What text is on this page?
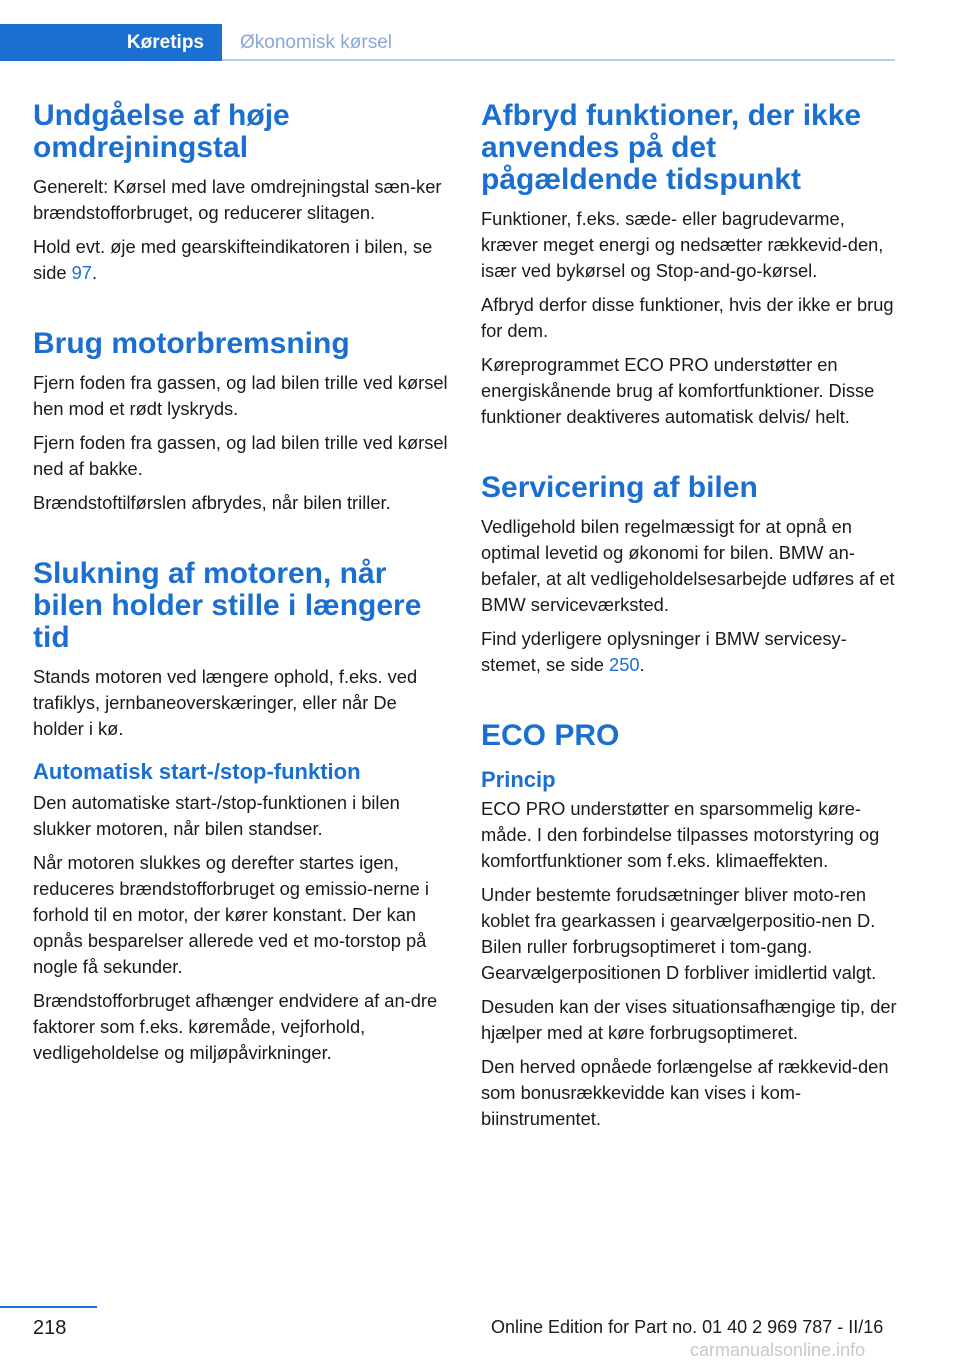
Køretips Økonomisk kørsel
Undgåelse af høje omdrejningstal

Generelt: Kørsel med lave omdrejningstal sæn‐ker brændstofforbruget, og reducerer slitagen.

Hold evt. øje med gearskifteindikatoren i bilen, se side 97.

Brug motorbremsning

Fjern foden fra gassen, og lad bilen trille ved kørsel hen mod et rødt lyskryds.

Fjern foden fra gassen, og lad bilen trille ved kørsel ned af bakke.

Brændstoftilførslen afbrydes, når bilen triller.

Slukning af motoren, når bilen holder stille i længere tid

Stands motoren ved længere ophold, f.eks. ved trafiklys, jernbaneoverskæringer, eller når De holder i kø.

Automatisk start-/stop-funktion

Den automatiske start-/stop-funktionen i bilen slukker motoren, når bilen standser.

Når motoren slukkes og derefter startes igen, reduceres brændstofforbruget og emissio‐nerne i forhold til en motor, der kører konstant. Der kan opnås besparelser allerede ved et mo‐torstop på nogle få sekunder.

Brændstofforbruget afhænger endvidere af an‐dre faktorer som f.eks. køremåde, vejforhold, vedligeholdelse og miljøpåvirkninger.

Afbryd funktioner, der ikke anvendes på det pågældende tidspunkt

Funktioner, f.eks. sæde- eller bagrudevarme, kræver meget energi og nedsætter rækkevid‐den, især ved bykørsel og Stop-and-go-kørsel.

Afbryd derfor disse funktioner, hvis der ikke er brug for dem.

Køreprogrammet ECO PRO understøtter en energiskånende brug af komfortfunktioner. Disse funktioner deaktiveres automatisk delvis/ helt.

Servicering af bilen

Vedligehold bilen regelmæssigt for at opnå en optimal levetid og økonomi for bilen. BMW an‐befaler, at alt vedligeholdelsesarbejde udføres af et BMW serviceværksted.

Find yderligere oplysninger i BMW servicesy‐stemet, se side 250.

ECO PRO
Princip

ECO PRO understøtter en sparsommelig køre‐måde. I den forbindelse tilpasses motorstyring og komfortfunktioner som f.eks. klimaeffekten.

Under bestemte forudsætninger bliver moto‐ren koblet fra gearkassen i gearvælgerpositio‐nen D. Bilen ruller forbrugsoptimeret i tom‐gang. Gearvælgerpositionen D forbliver imidlertid valgt.

Desuden kan der vises situationsafhængige tip, der hjælper med at køre forbrugsoptimeret.

Den herved opnåede forlængelse af rækkevid‐den som bonusrækkevidde kan vises i kom‐biinstrumentet.

218	Online Edition for Part no. 01 40 2 969 787 - II/16
carmanualsonline.info
